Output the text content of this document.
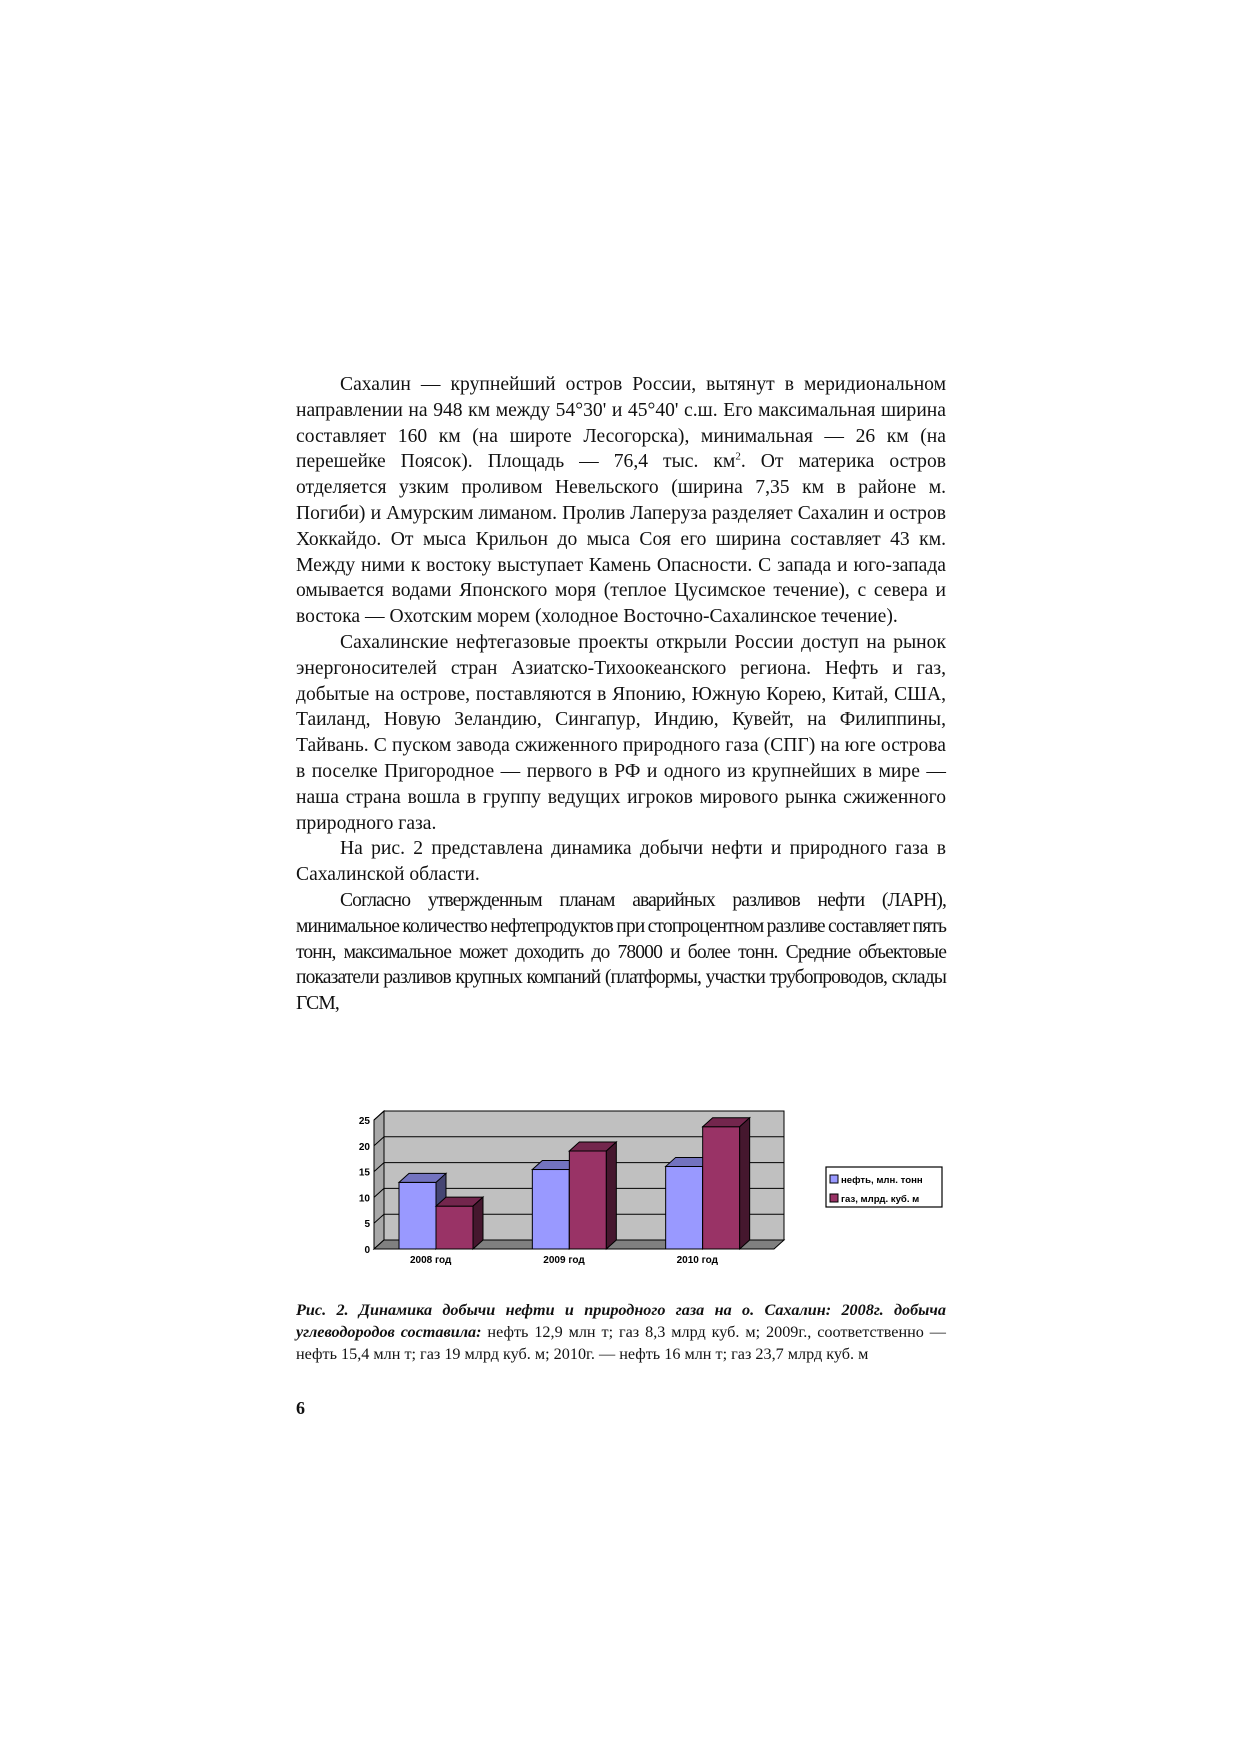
Сахалин — крупнейший остров России, вытянут в меридиональном направлении на 948 км между 54°30' и 45°40' с.ш. Его максимальная ширина составляет 160 км (на широте Лесогорска), минимальная — 26 км (на перешейке Поясок). Площадь — 76,4 тыс. $км^2$. От материка остров отделяется узким проливом Невельского (ширина 7,35 км в районе м. Погиби) и Амурским лиманом. Пролив Лаперуза разделяет Сахалин и остров Хоккайдо. От мыса Крильон до мыса Соя его ширина составляет 43 км. Между ними к востоку выступает Камень Опасности. С запада и юго-запада омывается водами Японского моря (теплое Цусимское течение), с севера и востока — Охотским морем (холодное Восточно-Сахалинское течение).

Сахалинские нефтегазовые проекты открыли России доступ на рынок энергоносителей стран Азиатско-Тихоокеанского региона. Нефть и газ, добытые на острове, поставляются в Японию, Южную Корею, Китай, США, Таиланд, Новую Зеландию, Сингапур, Индию, Кувейт, на Филиппины, Тайвань. С пуском завода сжиженного природного газа (СПГ) на юге острова в поселке Пригородное — первого в РФ и одного из крупнейших в мире — наша страна вошла в группу ведущих игроков мирового рынка сжиженного природного газа.

На рис. 2 представлена динамика добычи нефти и природного газа в Сахалинской области.

Согласно утвержденным планам аварийных разливов нефти (ЛАРН), минимальное количество нефтепродуктов при стопроцентном разливе составляет пять тонн, максимальное может доходить до 78000 и более тонн. Средние объектовые показатели разливов крупных компаний (платформы, участки трубопроводов, склады ГСМ,

0
5
10
15
20
25
2008 год	2009 год	2010 год
нефть, млн. тонн
газ, млрд. куб. м
Рис. 2. Динамика добычи нефти и природного газа на о. Сахалин: 2008г. добыча углеводородов составила: нефть 12,9 млн т; газ 8,3 млрд куб. м; 2009г., соответственно — нефть 15,4 млн т; газ 19 млрд куб. м; 2010г. — нефть 16 млн т; газ 23,7 млрд куб. м
6
